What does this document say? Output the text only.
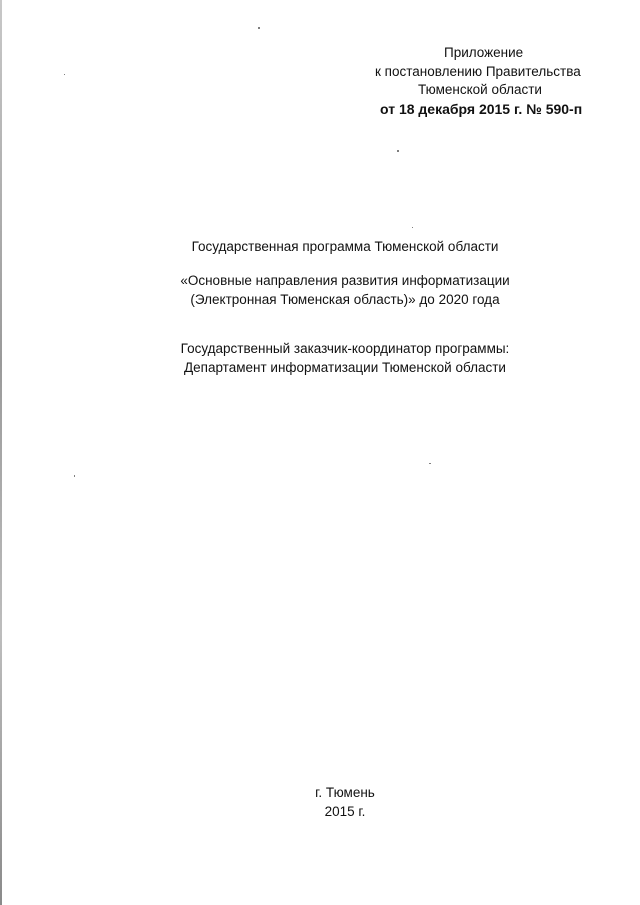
Приложение
к постановлению Правительства
Тюменской области
от 18 декабря 2015 г. № 590-п
Государственная программа Тюменской области
«Основные направления развития информатизации
(Электронная Тюменская область)» до 2020 года
Государственный заказчик-координатор программы:
Департамент информатизации Тюменской области
г. Тюмень
2015 г.
